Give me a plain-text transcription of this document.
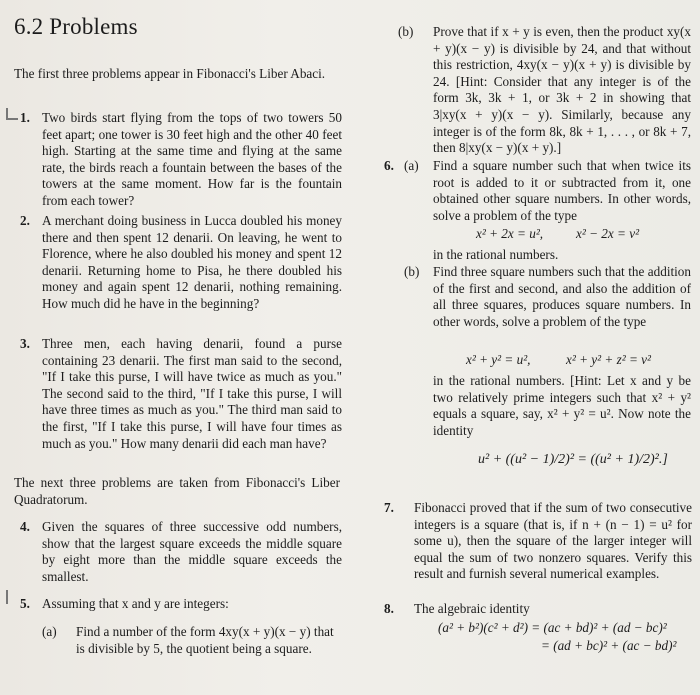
6.2 Problems
The first three problems appear in Fibonacci's Liber Abaci.
1. Two birds start flying from the tops of two towers 50 feet apart; one tower is 30 feet high and the other 40 feet high. Starting at the same time and flying at the same rate, the birds reach a fountain between the bases of the towers at the same moment. How far is the fountain from each tower?
2. A merchant doing business in Lucca doubled his money there and then spent 12 denarii. On leaving, he went to Florence, where he also doubled his money and spent 12 denarii. Returning home to Pisa, he there doubled his money and again spent 12 denarii, nothing remaining. How much did he have in the beginning?
3. Three men, each having denarii, found a purse containing 23 denarii. The first man said to the second, "If I take this purse, I will have twice as much as you." The second said to the third, "If I take this purse, I will have three times as much as you." The third man said to the first, "If I take this purse, I will have four times as much as you." How many denarii did each man have?
The next three problems are taken from Fibonacci's Liber Quadratorum.
4. Given the squares of three successive odd numbers, show that the largest square exceeds the middle square by eight more than the middle square exceeds the smallest.
5. Assuming that x and y are integers:
(a) Find a number of the form 4xy(x + y)(x − y) that is divisible by 5, the quotient being a square.
(b) Prove that if x + y is even, then the product xy(x + y)(x − y) is divisible by 24, and that without this restriction, 4xy(x − y)(x + y) is divisible by 24. [Hint: Consider that any integer is of the form 3k, 3k + 1, or 3k + 2 in showing that 3|xy(x + y)(x − y). Similarly, because any integer is of the form 8k, 8k + 1, . . . , or 8k + 7, then 8|xy(x − y)(x + y).]
6. (a) Find a square number such that when twice its root is added to it or subtracted from it, one obtained other square numbers. In other words, solve a problem of the type
x² + 2x = u², x² − 2x = v²
in the rational numbers.
(b) Find three square numbers such that the addition of the first and second, and also the addition of all three squares, produces square numbers. In other words, solve a problem of the type
x² + y² = u²,	x² + y² + z² = v²
in the rational numbers. [Hint: Let x and y be two relatively prime integers such that x² + y² equals a square, say, x² + y² = u². Now note the identity
u² + ((u² − 1)/2)² = ((u² + 1)/2)².]
7. Fibonacci proved that if the sum of two consecutive integers is a square (that is, if n + (n − 1) = u² for some u), then the square of the larger integer will equal the sum of two nonzero squares. Verify this result and furnish several numerical examples.
8. The algebraic identity
(a² + b²)(c² + d²) = (ac + bd)² + (ad − bc)²
= (ad + bc)² + (ac − bd)²
